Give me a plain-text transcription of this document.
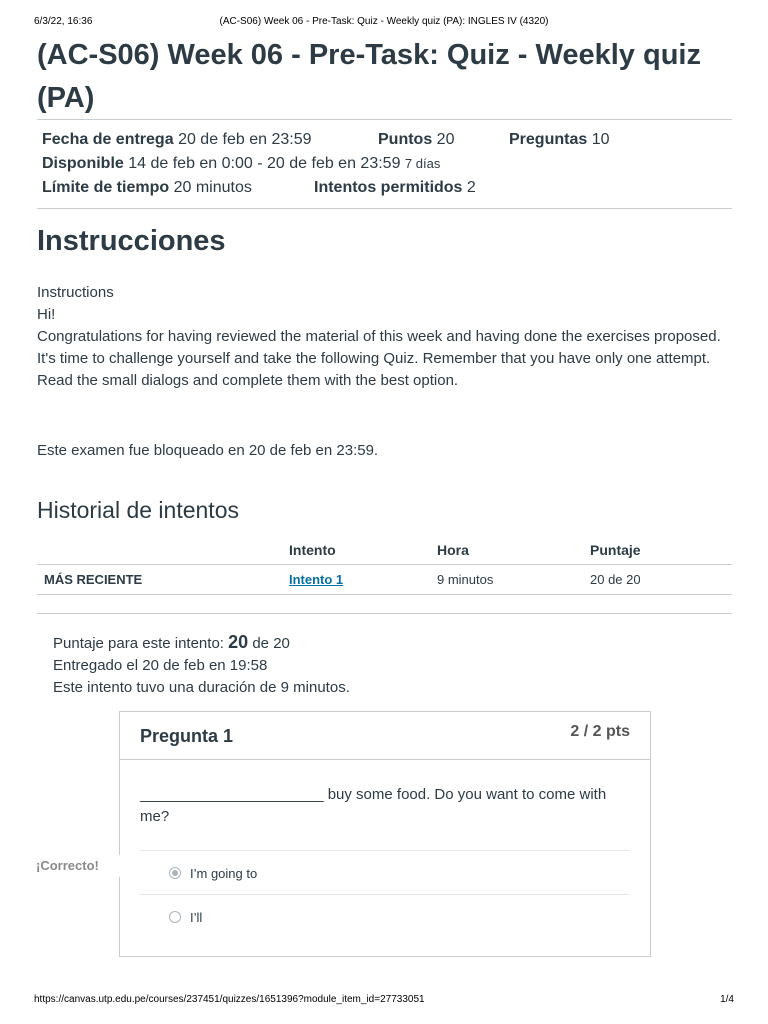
6/3/22, 16:36	(AC-S06) Week 06 - Pre-Task: Quiz - Weekly quiz (PA): INGLES IV (4320)
(AC-S06) Week 06 - Pre-Task: Quiz - Weekly quiz (PA)
Fecha de entrega 20 de feb en 23:59	Puntos 20	Preguntas 10
Disponible 14 de feb en 0:00 - 20 de feb en 23:59 7 días
Límite de tiempo 20 minutos	Intentos permitidos 2
Instrucciones

Instructions

Hi!

Congratulations for having reviewed the material of this week and having done the exercises proposed. It's time to challenge yourself and take the following Quiz. Remember that you have only one attempt.

Read the small dialogs and complete them with the best option.

Este examen fue bloqueado en 20 de feb en 23:59.
Historial de intentos
	Intento	Hora	Puntaje
MÁS RECIENTE	Intento 1	9 minutos	20 de 20
Puntaje para este intento: 20 de 20
Entregado el 20 de feb en 19:58
Este intento tuvo una duración de 9 minutos.
Pregunta 1	2 / 2 pts
______________________ buy some food. Do you want to come with me?
I’m going to
I’ll
¡Correcto!
https://canvas.utp.edu.pe/courses/237451/quizzes/1651396?module_item_id=27733051	1/4
